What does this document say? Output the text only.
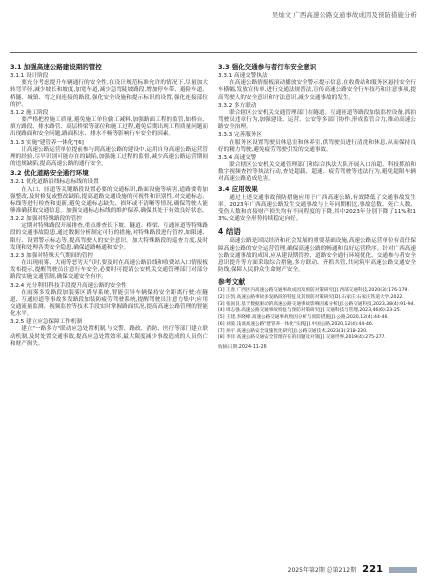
吴灿文 广西高速公路交通事故成因及预防措施分析
3.1 加强高速公路建设期的管控
3.1.1 设计阶段

要充分考虑提升车辆通行的安全性,在设计规范标准允许的情况下,尽量加大转弯半径,减少坡长和坡度,加宽车道,减少急弯陡坡路段,增加停车带、避险车道、桥隧、城镇、弯之间连接的路段,强化安全设施和提示标识的设置,强化连接部位的护。

3.1.2 施工阶段

要严格把控施工质量,避免施工单位偷工减料,加强路面工程的监管,如桥台、填方路段、排水路管、高层桥梁等部位和施工过程,避免后期出现工程质量问题而出现路面和安全问题,路面积水、排水不畅等影响行车安全的因素。

3.1.3 实施"建管养一体化"[6]

让高速公路运营单位提前参与到高速公路的建设中,运用自身高速公路运营管理的经验,尽早识别可能存在的缺陷,加强施工过程的监督,减少高速公路运营期间的违规缺陷,提高高速公路的通行安全。

3.2 优化道路安全通行环境
3.2.1 优化道路沿线标志标线的设置

在入口、匝道等关键路段设置必要的交通标识,路面设施等病害,道路要将加强整改,及时修复或整改缺陷,提高道路交通设施的可视性和识别性,对交通标志、标线等进行检查和更新,避免交通标志缺失、损坏或不清晰等情况,确保驾驶人能够准确获取交通信息。加强交通标志标线的维护保养,确保其处于有效良好状态。

3.2.2 加强对特殊路段的管控

定期对特殊路段开展排查,重点排查长下坡、隧道、桥梁、互通匝道等特殊路段的交通事故隐患,通过数据分析制定可行的措施,对特殊路段进行管控,如限速、限行、设置警示标志等,提高驾驶人的安全意识。加大特殊路段的巡查力度,及时发现和处理各类安全隐患,确保道路畅通和安全。

3.2.3 加强对特殊天气期间的管控

在出现雨雾、大雨等恶劣天气时,要及时在高速公路沿线和收费站入口情报板发布提示,提醒驾驶员注意行车安全,必要时可提请公安机关交通管理部门对部分路段实施交通管制,确保交通安全有序。

3.2.4 充分利用科技手段提升高速公路的安全性

在雨雾多发路段加装雾区诱导系统,智能引导车辆保持安全距离行驶;在隧道、互通匝道等事故多发路段加装防疲劳驾驶系统,提醒驾驶员注意力集中;应用交通流量监测、视频监控等技术手段实时掌握路面状况,提高高速公路管理的智能化水平。

3.2.5 建立应急保障工作机制

建立"一路多方"联动应急处置机制,与交警、路政、消防、医疗等部门建立联动机制,及时处置交通事故,提高应急处置效率,最大限度减少事故造成的人员伤亡和财产损失。

3.3 强化交通参与者行车安全意识
3.3.1 高速交警执法

在高速公路情报板滚动播放安全警示提示信息,在收费站和服务区悬挂安全行车横幅,发放宣传单,进行交通法规普法,宣传高速公路安全行车技巧和注意事项,提高驾驶人的安全意识和守法意识,减少交通事故的发生。

3.3.2 多方联动

联合辖区公安机关交通管理部门在隧道、互通匝道等路段加装监控设备,抓拍驾驶员违章行为,加强建设、运营、公安等多部门协作,形成监管合力,推动高速公路安全治理。

3.3.3 完善服务区

在服务区设置驾驶员休息室和休养室,供驾驶员进行清洗和休息,从而保持良好的精力驾驶,避免疲劳驾驶引发的交通事故。

3.3.4 高速交警

联合辖区公安机关交通管理部门和综合执法大队开展入口治超、科技抓拍和数字视频查控等执法行动,查处超载、超速、疲劳驾驶等违法行为,避免超限车辆对高速公路造成危害。

3.4 应用效果

通过上述交通事故预防措施应用于广西高速公路,有效降低了交通事故发生率。2023年广西高速公路发生交通事故与上年同期相比,事故总数、死亡人数、受伤人数和直接财产损失均有不同程度的下降,其中2023年分别下降了11%和13%,交通安全形势持续稳定向好。

4 结语

高速公路是国民经济和社会发展的重要基础设施,高速公路运营单位有责任保障高速公路的安全运营管理,确保高速公路的畅通和良好运营秩序。针对广西高速公路交通事故的成因,应从建设期管控、道路安全通行环境优化、交通参与者安全意识提升等方面采取综合措施,多方联动、齐抓共管,共同筑牢高速公路交通安全防线,保障人民群众生命财产安全。

参考文献
[1] 王春.广西区内高速公路交通事故成因及预防对策研究[J].西部交通科技,2020(3):176-179.
[2] 汪凯.高速公路事故多发路段的特征及其预防对策研究[D].石家庄:石家庄铁道大学,2022.
[3] 张国良.基于数据驱动的高速公路交通事故影响因素分析[J].公路交通科技,2023,38(4):91-94.
[4] 周志强.高速公路交通事故特征与预防对策研究[J].交通科技与管理,2023,46(6):23-25.
[5] 王建,李晓峰.高速公路交通事故致因分析与预防措施[J].公路,2020,12(4):44-46.
[6] 刘爱.浅谈高速公路"建管养一体化"实践[J].中国公路,2020,12(4):44-46.
[7] 孙宇.高速公路安全设施优化研究[J].公路交通技术,2023(3):218-220.
[8] 李洋.高速公路交通安全管理存在的问题及对策[J].交通世界,2019(4):275-277.
收稿日期:2024-11-26
2025年第2期 总第212期 221
